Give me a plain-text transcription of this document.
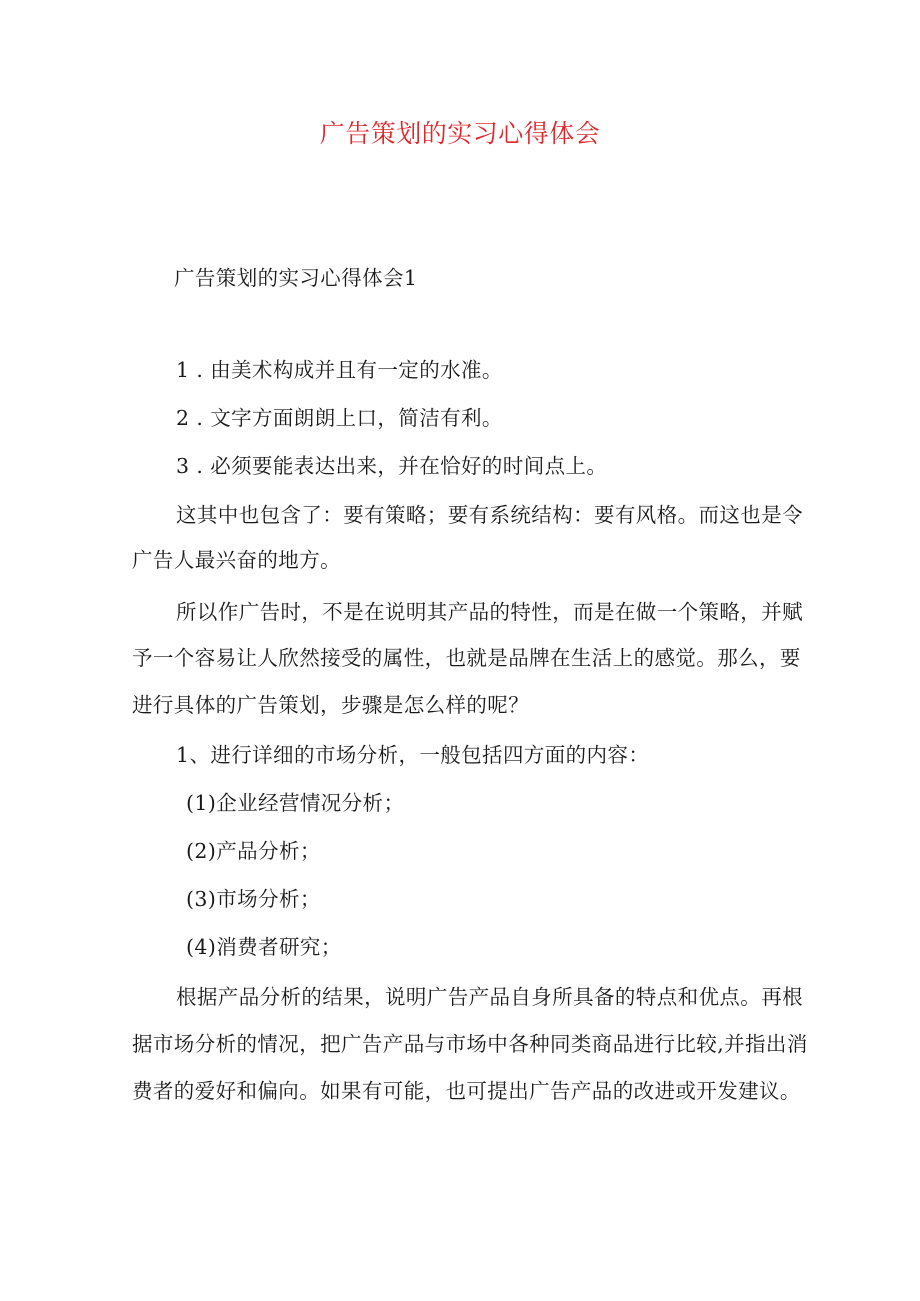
广告策划的实习心得体会
广告策划的实习心得体会1
1 . 由美术构成并且有一定的水准。
2 . 文字方面朗朗上口，简洁有利。
3 . 必须要能表达出来，并在恰好的时间点上。
这其中也包含了：要有策略；要有系统结构：要有风格。而这也是令
广告人最兴奋的地方。
所以作广告时，不是在说明其产品的特性，而是在做一个策略，并赋
予一个容易让人欣然接受的属性，也就是品牌在生活上的感觉。那么，要
进行具体的广告策划，步骤是怎么样的呢？
1、进行详细的市场分析，一般包括四方面的内容：
(1)企业经营情况分析；
(2)产品分析；
(3)市场分析；
(4)消费者研究；
根据产品分析的结果，说明广告产品自身所具备的特点和优点。再根
据市场分析的情况，把广告产品与市场中各种同类商品进行比较,并指出消
费者的爱好和偏向。如果有可能，也可提出广告产品的改进或开发建议。
